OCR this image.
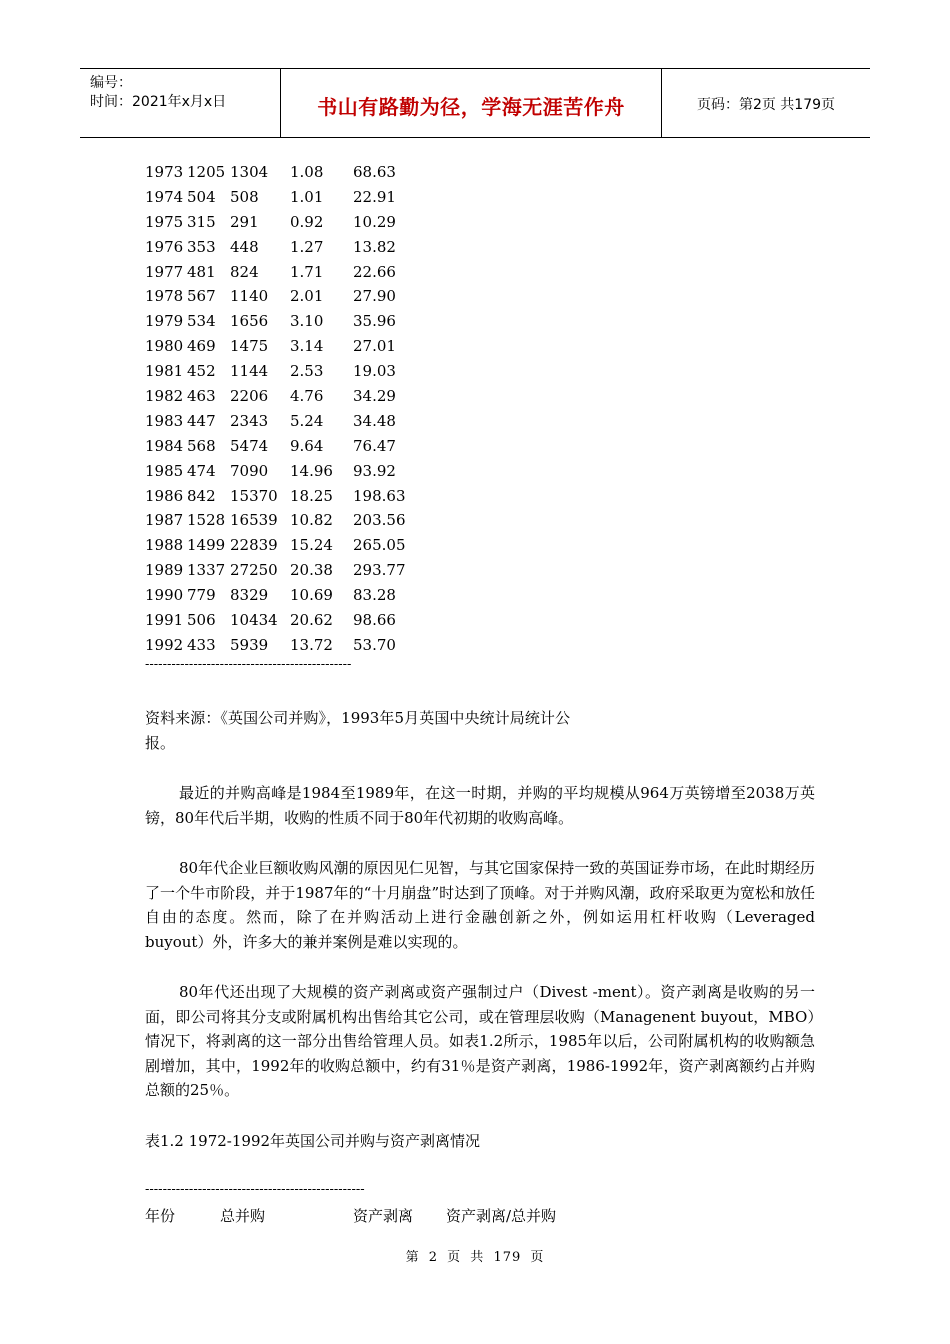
编号：
时间：2021年x月x日	书山有路勤为径，学海无涯苦作舟	页码：第2页 共179页
1973 1205 1304 1.08 68.63
1974 504 508 1.01 22.91
1975 315 291 0.92 10.29
1976 353 448 1.27 13.82
1977 481 824 1.71 22.66
1978 567 1140 2.01 27.90
1979 534 1656 3.10 35.96
1980 469 1475 3.14 27.01
1981 452 1144 2.53 19.03
1982 463 2206 4.76 34.29
1983 447 2343 5.24 34.48
1984 568 5474 9.64 76.47
1985 474 7090 14.96 93.92
1986 842 15370 18.25 198.63
1987 1528 16539 10.82 203.56
1988 1499 22839 15.24 265.05
1989 1337 27250 20.38 293.77
1990 779 8329 10.69 83.28
1991 506 10434 20.62 98.66
1992 433 5939 13.72 53.70
-----------------------------------------------
资料来源：《英国公司并购》，1993年5月英国中央统计局统计公报。
最近的并购高峰是1984至1989年，在这一时期，并购的平均规模从964万英镑增至2038万英镑，80年代后半期，收购的性质不同于80年代初期的收购高峰。
80年代企业巨额收购风潮的原因见仁见智，与其它国家保持一致的英国证券市场，在此时期经历了一个牛市阶段，并于1987年的“十月崩盘”时达到了顶峰。对于并购风潮，政府采取更为宽松和放任自由的态度。然而，除了在并购活动上进行金融创新之外，例如运用杠杆收购（Leveraged buyout）外，许多大的兼并案例是难以实现的。
80年代还出现了大规模的资产剥离或资产强制过户（Divest -ment）。资产剥离是收购的另一面，即公司将其分支或附属机构出售给其它公司，或在管理层收购（Managenent buyout，MBO）情况下，将剥离的这一部分出售给管理人员。如表1.2所示，1985年以后，公司附属机构的收购额急剧增加，其中，1992年的收购总额中，约有31％是资产剥离，1986-1992年，资产剥离额约占并购总额的25％。
表1.2 1972-1992年英国公司并购与资产剥离情况
--------------------------------------------------
年份	总并购	资产剥离 资产剥离/总并购
第 2 页 共 179 页
